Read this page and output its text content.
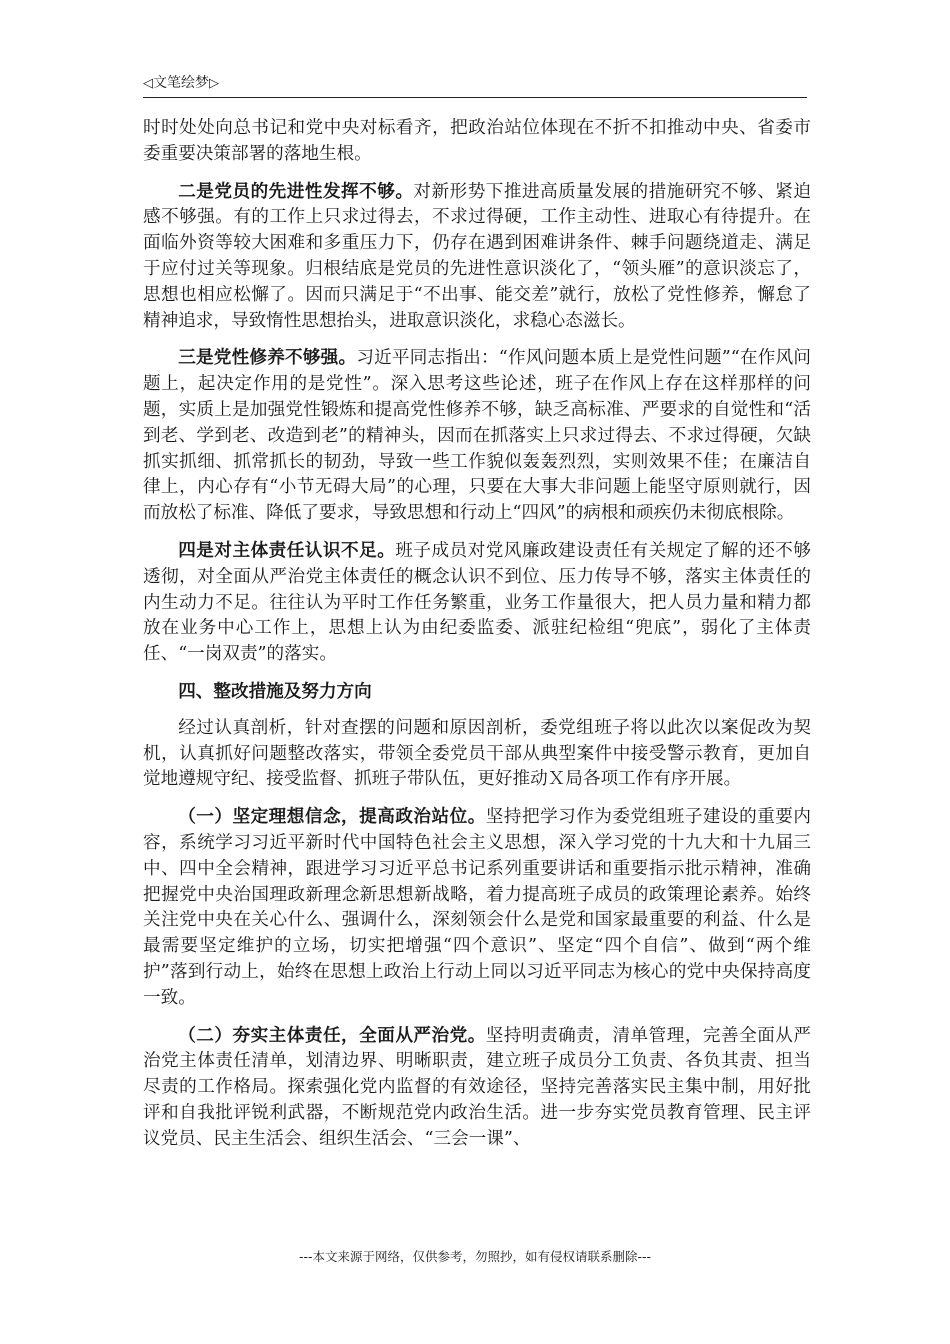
◁文笔绘梦▷

时时处处向总书记和党中央对标看齐，把政治站位体现在不折不扣推动中央、省委市委重要决策部署的落地生根。

二是党员的先进性发挥不够。对新形势下推进高质量发展的措施研究不够、紧迫感不够强。有的工作上只求过得去，不求过得硬，工作主动性、进取心有待提升。在面临外资等较大困难和多重压力下，仍存在遇到困难讲条件、棘手问题绕道走、满足于应付过关等现象。归根结底是党员的先进性意识淡化了，“领头雁”的意识淡忘了，思想也相应松懈了。因而只满足于“不出事、能交差”就行，放松了党性修养，懈怠了精神追求，导致惰性思想抬头，进取意识淡化，求稳心态滋长。

三是党性修养不够强。习近平同志指出：“作风问题本质上是党性问题”“在作风问题上，起决定作用的是党性”。深入思考这些论述，班子在作风上存在这样那样的问题，实质上是加强党性锻炼和提高党性修养不够，缺乏高标准、严要求的自觉性和“活到老、学到老、改造到老”的精神头，因而在抓落实上只求过得去、不求过得硬，欠缺抓实抓细、抓常抓长的韧劲，导致一些工作貌似轰轰烈烈，实则效果不佳；在廉洁自律上，内心存有“小节无碍大局”的心理，只要在大事大非问题上能坚守原则就行，因而放松了标准、降低了要求，导致思想和行动上“四风”的病根和顽疾仍未彻底根除。

四是对主体责任认识不足。班子成员对党风廉政建设责任有关规定了解的还不够透彻，对全面从严治党主体责任的概念认识不到位、压力传导不够，落实主体责任的内生动力不足。往往认为平时工作任务繁重，业务工作量很大，把人员力量和精力都放在业务中心工作上，思想上认为由纪委监委、派驻纪检组“兜底”，弱化了主体责任、“一岗双责”的落实。

四、整改措施及努力方向

经过认真剖析，针对查摆的问题和原因剖析，委党组班子将以此次以案促改为契机，认真抓好问题整改落实，带领全委党员干部从典型案件中接受警示教育，更加自觉地遵规守纪、接受监督、抓班子带队伍，更好推动Ｘ局各项工作有序开展。

（一）坚定理想信念，提高政治站位。坚持把学习作为委党组班子建设的重要内容，系统学习习近平新时代中国特色社会主义思想，深入学习党的十九大和十九届三中、四中全会精神，跟进学习习近平总书记系列重要讲话和重要指示批示精神，准确把握党中央治国理政新理念新思想新战略，着力提高班子成员的政策理论素养。始终关注党中央在关心什么、强调什么，深刻领会什么是党和国家最重要的利益、什么是最需要坚定维护的立场，切实把增强“四个意识”、坚定“四个自信”、做到“两个维护”落到行动上，始终在思想上政治上行动上同以习近平同志为核心的党中央保持高度一致。

（二）夯实主体责任，全面从严治党。坚持明责确责，清单管理，完善全面从严治党主体责任清单，划清边界、明晰职责，建立班子成员分工负责、各负其责、担当尽责的工作格局。探索强化党内监督的有效途径，坚持完善落实民主集中制，用好批评和自我批评锐利武器，不断规范党内政治生活。进一步夯实党员教育管理、民主评议党员、民主生活会、组织生活会、“三会一课”、

---本文来源于网络，仅供参考，勿照抄，如有侵权请联系删除---
